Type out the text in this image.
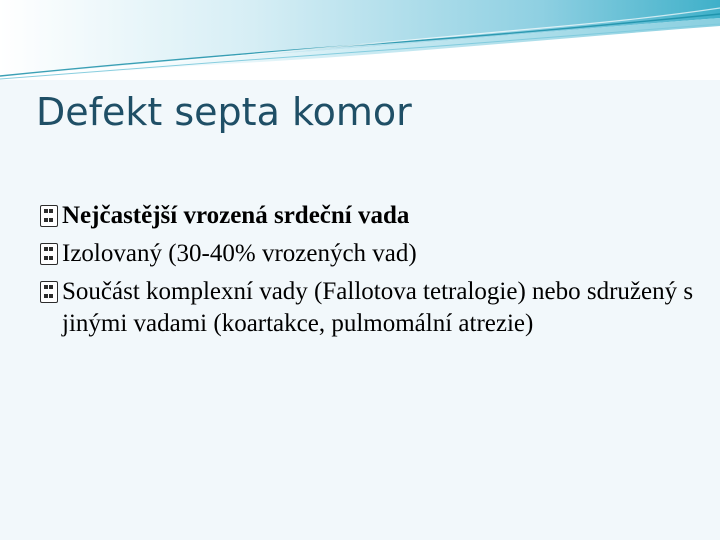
Defekt septa komor
Nejčastější vrozená srdeční vada
Izolovaný (30-40% vrozených vad)
Součást komplexní vady (Fallotova tetralogie) nebo sdružený s jinými vadami (koartakce, pulmomální atrezie)
